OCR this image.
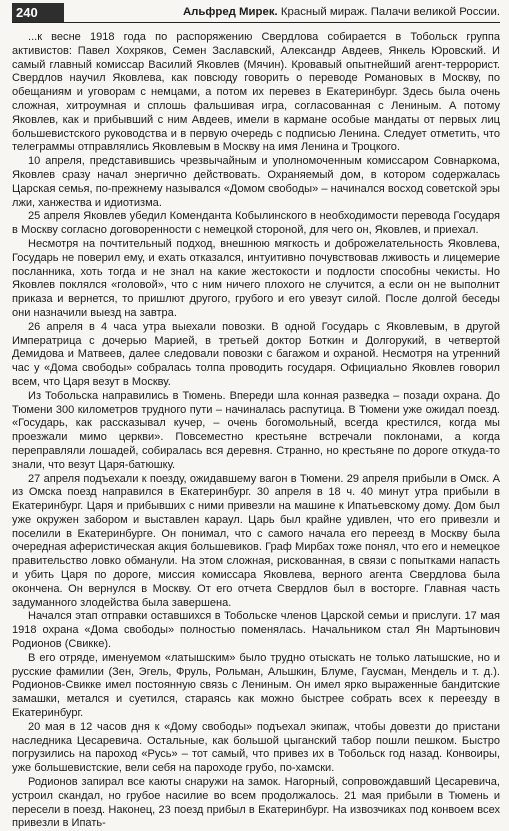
240	Альфред Мирек. Красный мираж. Палачи великой России.

...к весне 1918 года по распоряжению Свердлова собирается в Тобольск группа активистов: Павел Хохряков, Семен Заславский, Александр Авдеев, Янкель Юровский. И самый главный комиссар Василий Яковлев (Мячин). Кровавый опытнейший агент-террорист. Свердлов научил Яковлева, как повсюду говорить о переводе Романовых в Москву, по обещаниям и уговорам с немцами, а потом их перевез в Екатеринбург. Здесь была очень сложная, хитроумная и сплошь фальшивая игра, согласованная с Лениным. А потому Яковлев, как и прибывший с ним Авдеев, имели в кармане особые мандаты от первых лиц большевистского руководства и в первую очередь с подписью Ленина. Следует отметить, что телеграммы отправлялись Яковлевым в Москву на имя Ленина и Троцкого.

10 апреля, представившись чрезвычайным и уполномоченным комиссаром Совнаркома, Яковлев сразу начал энергично действовать. Охраняемый дом, в котором содержалась Царская семья, по-прежнему называлcя «Домом свободы» – начинался восход советской эры лжи, ханжества и идиотизма.

25 апреля Яковлев убедил Коменданта Кобылинского в необходимости перевода Государя в Москву согласно договоренности с немецкой стороной, для чего он, Яковлев, и приехал.

Несмотря на почтительный подход, внешнюю мягкость и доброжелательность Яковлева, Государь не поверил ему, и ехать отказался, интуитивно почувствовав лживость и лицемерие посланника, хоть тогда и не знал на какие жестокости и подлости способны чекисты. Но Яковлев поклялся «головой», что с ним ничего плохого не случится, а если он не выполнит приказа и вернется, то пришлют другого, грубого и его увезут силой. После долгой беседы они назначили выезд на завтра.

26 апреля в 4 часа утра выехали повозки. В одной Государь с Яковлевым, в другой Императрица с дочерью Марией, в третьей доктор Боткин и Долгорукий, в четвертой Демидова и Матвеев, далее следовали повозки с багажом и охраной. Несмотря на утренний час у «Дома свободы» собралась толпа проводить государя. Официально Яковлев говорил всем, что Царя везут в Москву.

Из Тобольска направились в Тюмень. Впереди шла конная разведка – позади охрана. До Тюмени 300 километров трудного пути – начиналась распутица. В Тюмени уже ожидал поезд. «Государь, как рассказывал кучер, – очень богомольный, всегда крестился, когда мы проезжали мимо церкви». Повсеместно крестьяне встречали поклонами, а когда переправляли лошадей, собиралась вся деревня. Странно, но крестьяне по дороге откуда-то знали, что везут Царя-батюшку.

27 апреля подъехали к поезду, ожидавшему вагон в Тюмени. 29 апреля прибыли в Омск. А из Омска поезд направился в Екатеринбург. 30 апреля в 18 ч. 40 минут утра прибыли в Екатеринбург. Царя и прибывших с ними привезли на машине к Ипатьевскому дому. Дом был уже окружен забором и выставлен караул. Царь был крайне удивлен, что его привезли и поселили в Екатеринбурге. Он понимал, что с самого начала его переезд в Москву была очередная аферистическая акция большевиков. Граф Мирбах тоже понял, что его и немецкое правительство ловко обманули. На этом сложная, рискованная, в связи с попытками напасть и убить Царя по дороге, миссия комиссара Яковлева, верного агента Свердлова была окончена. Он вернулся в Москву. От его отчета Свердлов был в восторге. Главная часть задуманного злодейства была завершена.

Начался этап отправки оставшихся в Тобольске членов Царской семьи и прислуги. 17 мая 1918 охрана «Дома свободы» полностью поменялась. Начальником стал Ян Мартынович Родионов (Свикке).

В его отряде, именуемом «латышским» было трудно отыскать не только латышские, но и русские фамилии (Зен, Эгель, Фруль, Рольман, Альшкин, Блуме, Гаусман, Мендель и т. д.). Родионов-Свикке имел постоянную связь с Лениным. Он имел ярко выраженные бандитские замашки, металcя и суетился, стараясь как можно быстрее собрать всех к переезду в Екатеринбург.

20 мая в 12 часов дня к «Дому свободы» подъехал экипаж, чтобы довезти до пристани наследника Цесаревича. Остальные, как большой цыганский табор пошли пешком. Быстро погрузились на пароход «Русь» – тот самый, что привез их в Тобольск год назад. Конвоиры, уже большевистские, вели себя на пароходе грубо, по-хамски.

Родионов запирал все каюты снаружи на замок. Нагорный, сопровождавший Цесаревича, устроил скандал, но грубое насилие во всем продолжалось. 21 мая прибыли в Тюмень и пересели в поезд. Наконец, 23 поезд прибыл в Екатеринбург. На извозчиках под конвоем всех привезли в Ипать-
